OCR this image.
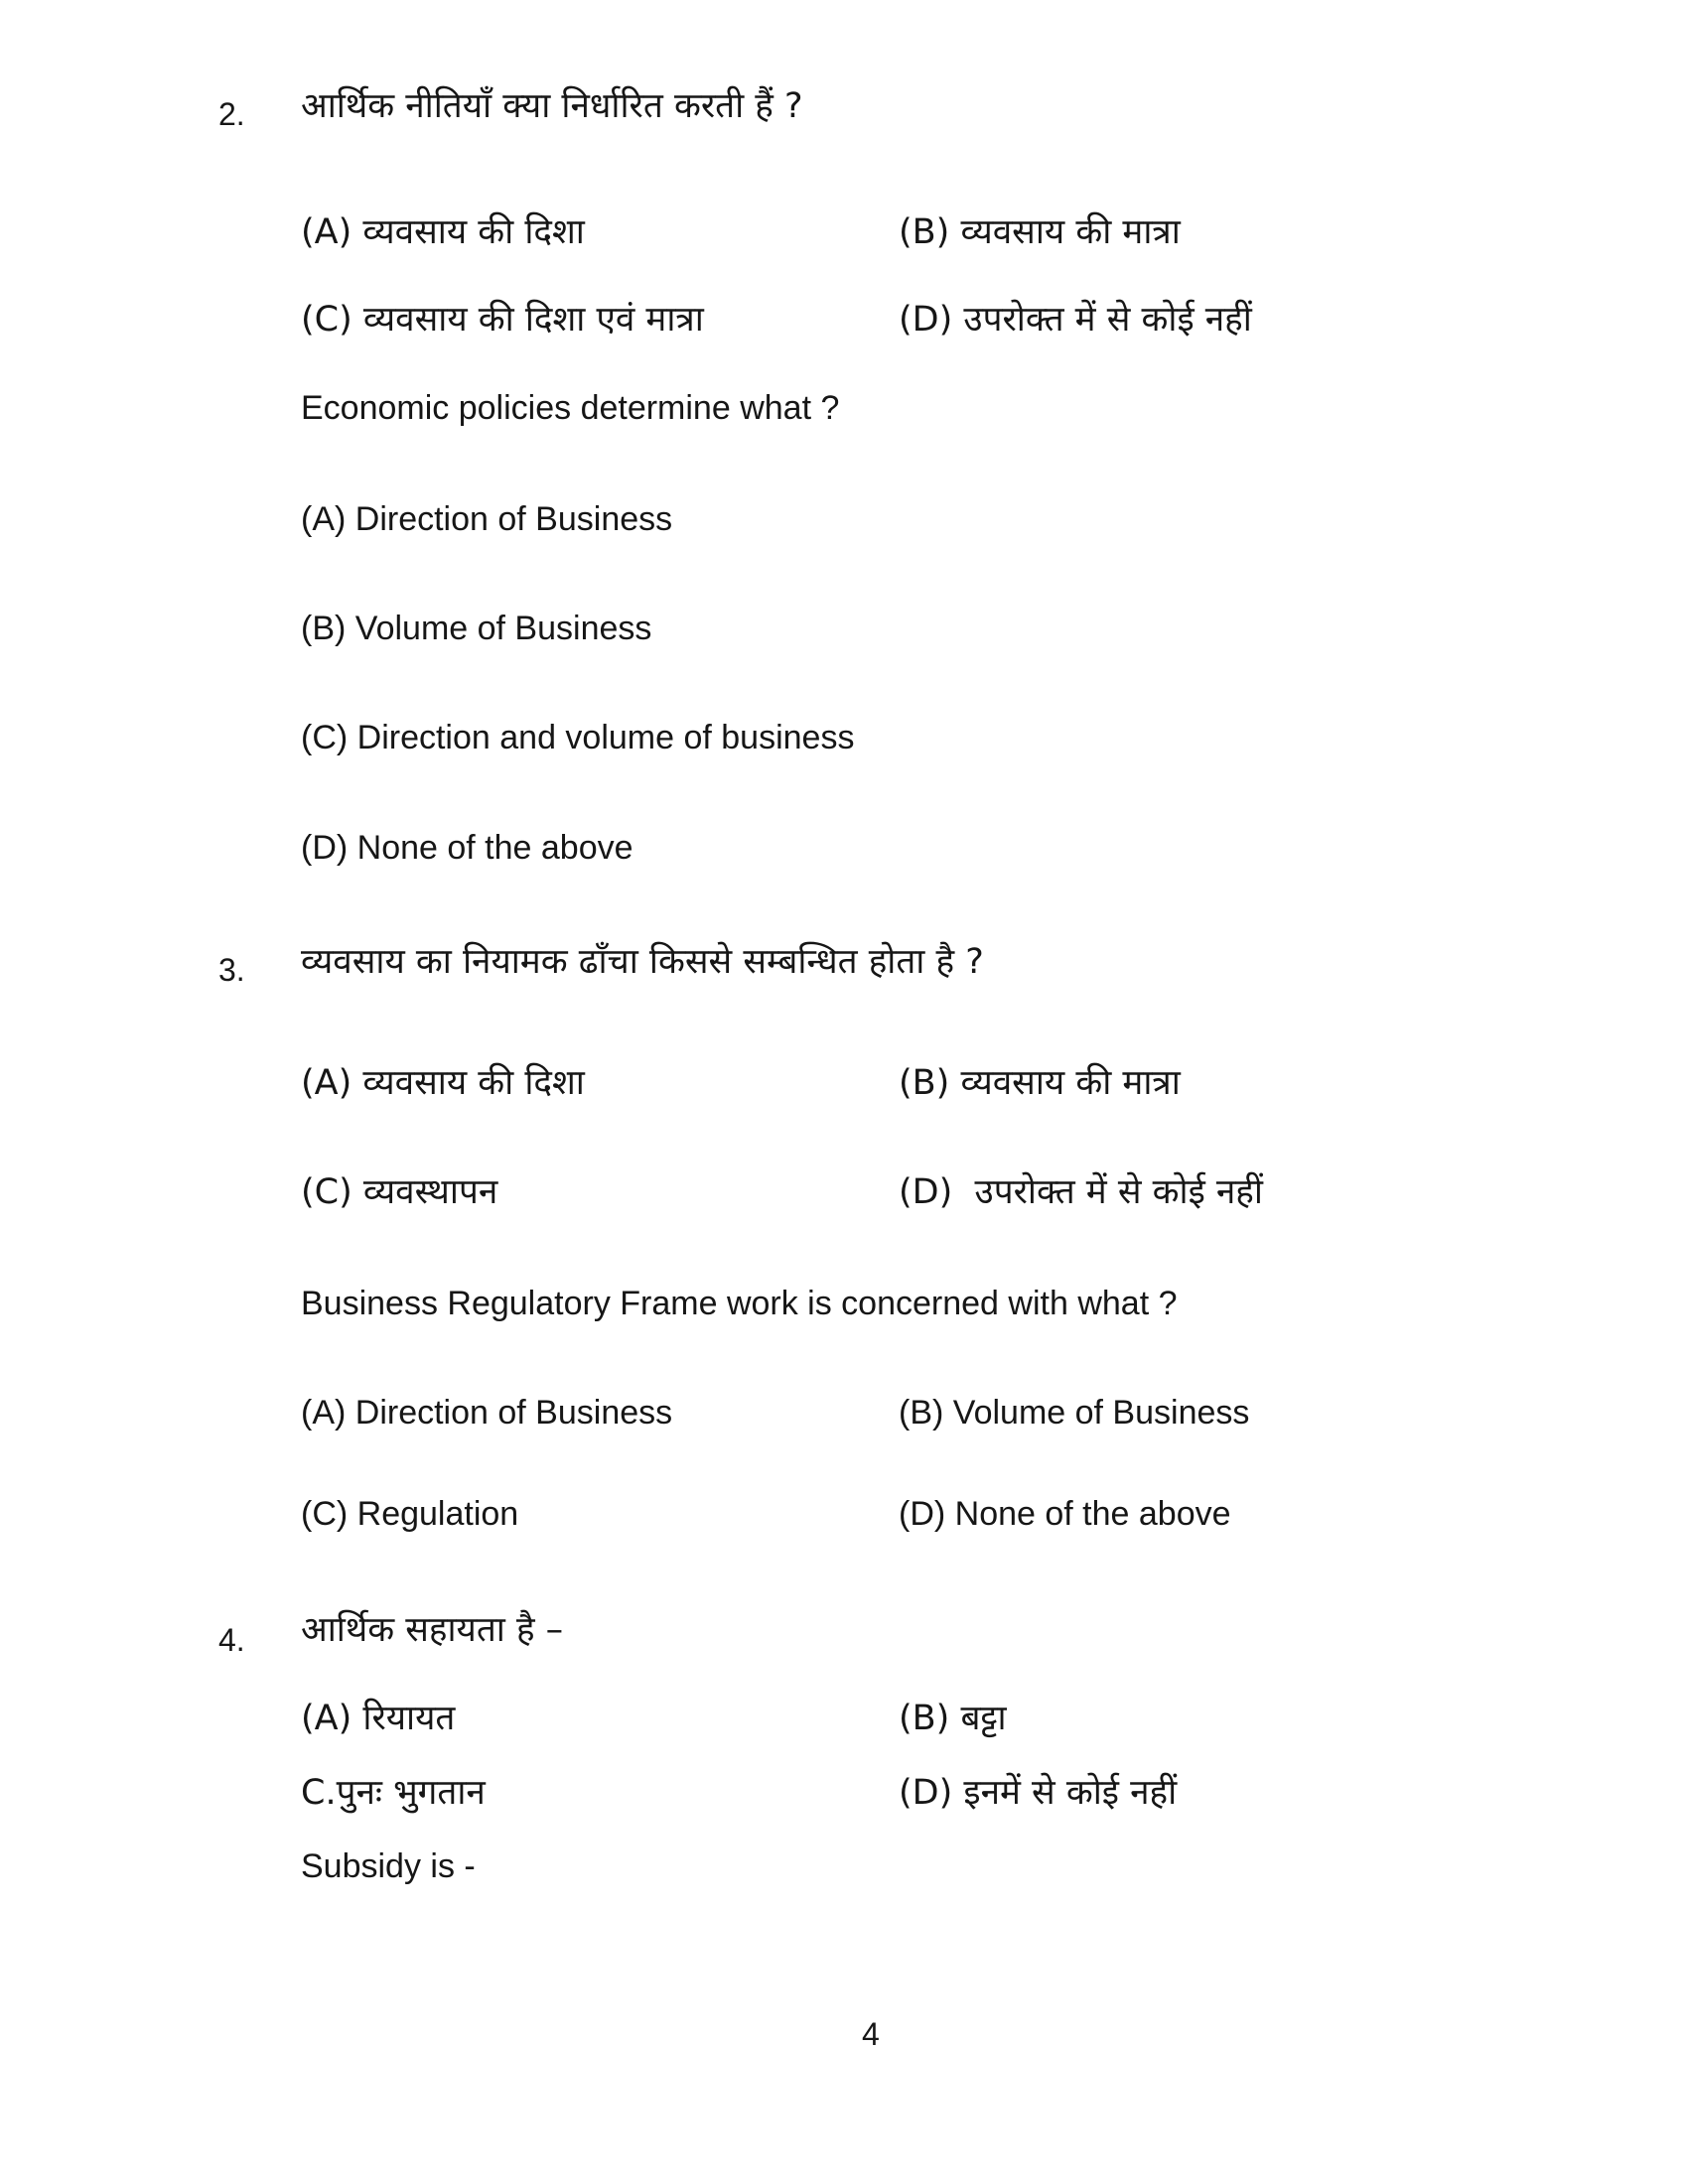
2. आर्थिक नीतियाँ क्या निर्धारित करती हैं ?
(A) व्यवसाय की दिशा	(B) व्यवसाय की मात्रा
(C) व्यवसाय की दिशा एवं मात्रा	(D) उपरोक्त में से कोई नहीं
Economic policies determine what ?
(A) Direction of Business
(B) Volume of Business
(C) Direction and volume of business
(D) None of the above
3. व्यवसाय का नियामक ढाँचा किससे सम्बन्धित होता है ?
(A) व्यवसाय की दिशा	(B) व्यवसाय की मात्रा
(C) व्यवस्थापन	(D)  उपरोक्त में से कोई नहीं
Business Regulatory Frame work is concerned with what ?
(A) Direction of Business	(B) Volume of Business
(C) Regulation	(D) None of the above
4. आर्थिक सहायता है –
(A) रियायत	(B) बट्टा
C.पुनः भुगतान	(D) इनमें से कोई नहीं
Subsidy is -
4
